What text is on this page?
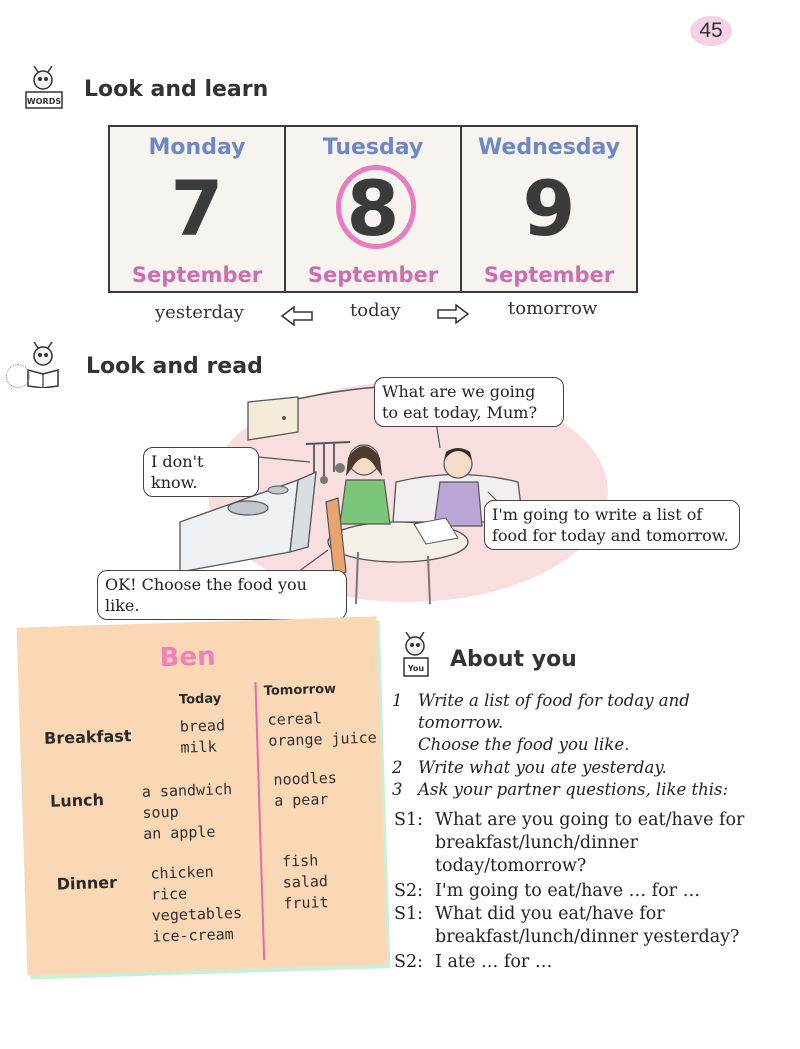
45
WORDS Look and learn
Monday
7
September
Tuesday
8
September
Wednesday
9
September
yesterday	today	tomorrow
Look and read
What are we going to eat today, Mum?
I don't know.
I'm going to write a list of food for today and tomorrow.
OK! Choose the food you like.
Ben
Today
Tomorrow
Breakfast
bread
milk
cereal
orange juice
Lunch a sandwich
soup
an apple
noodles
a pear
Dinner
chicken
rice
vegetables
ice-cream
fish
salad
fruit
You About you
1 Write a list of food for today and tomorrow.
Choose the food you like.
2 Write what you ate yesterday.
3 Ask your partner questions, like this:
S1: What are you going to eat/have for breakfast/lunch/dinner today/tomorrow?
S2: I'm going to eat/have … for …
S1: What did you eat/have for breakfast/lunch/dinner yesterday?
S2: I ate … for …
